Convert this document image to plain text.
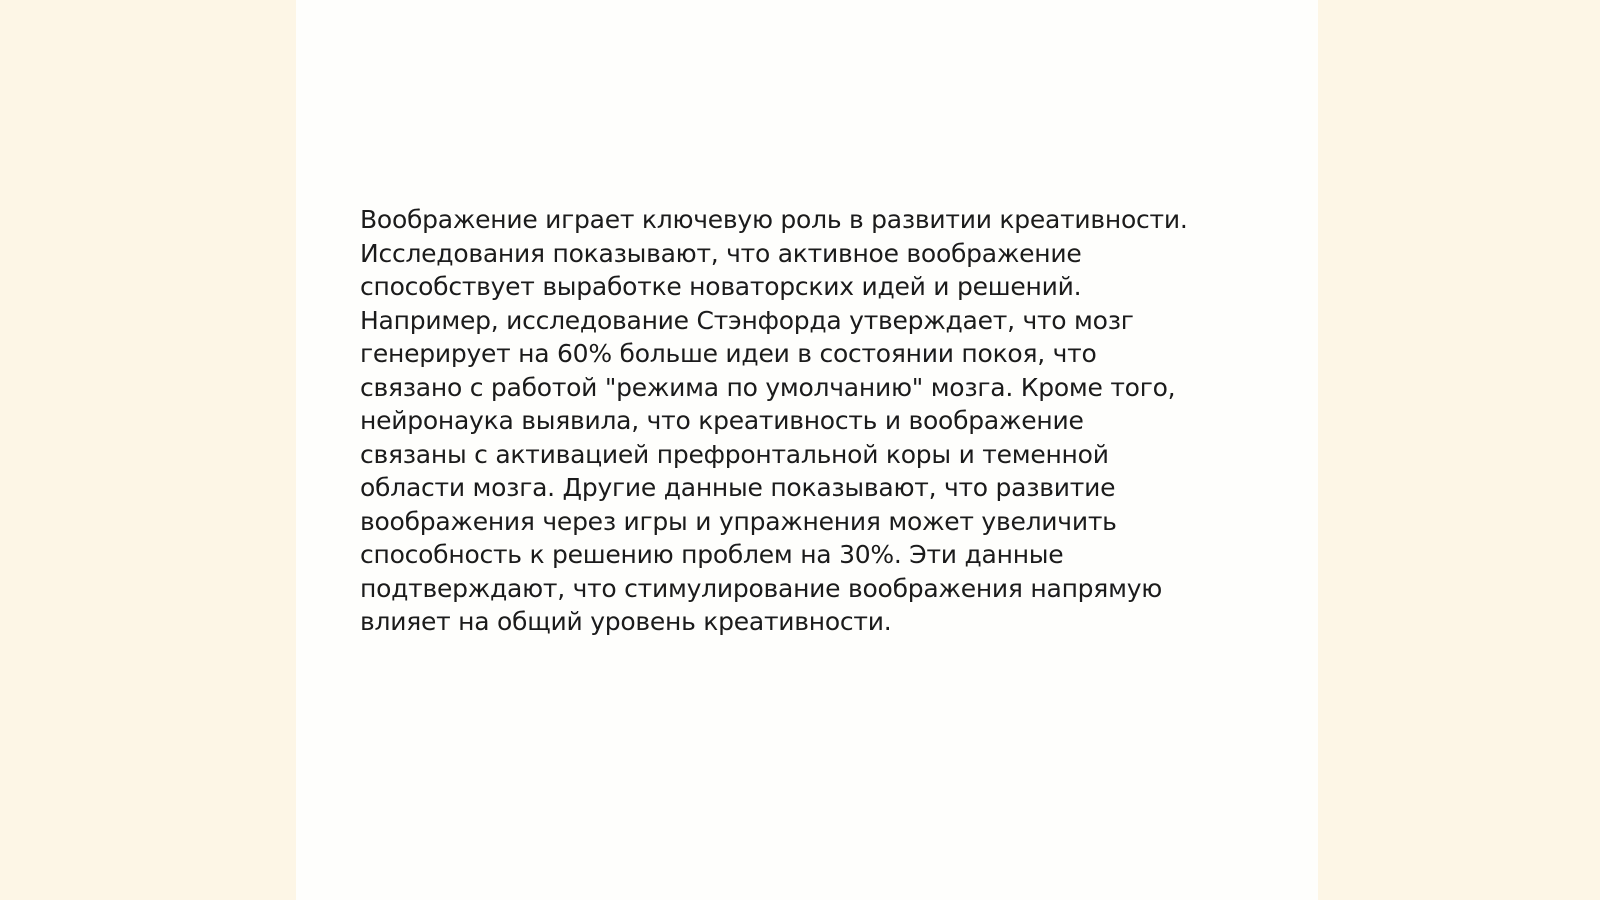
Воображение играет ключевую роль в развитии креативности.
Исследования показывают, что активное воображение
способствует выработке новаторских идей и решений.
Например, исследование Стэнфорда утверждает, что мозг
генерирует на 60% больше идеи в состоянии покоя, что
связано с работой "режима по умолчанию" мозга. Кроме того,
нейронаука выявила, что креативность и воображение
связаны с активацией префронтальной коры и теменной
области мозга. Другие данные показывают, что развитие
воображения через игры и упражнения может увеличить
способность к решению проблем на 30%. Эти данные
подтверждают, что стимулирование воображения напрямую
влияет на общий уровень креативности.
